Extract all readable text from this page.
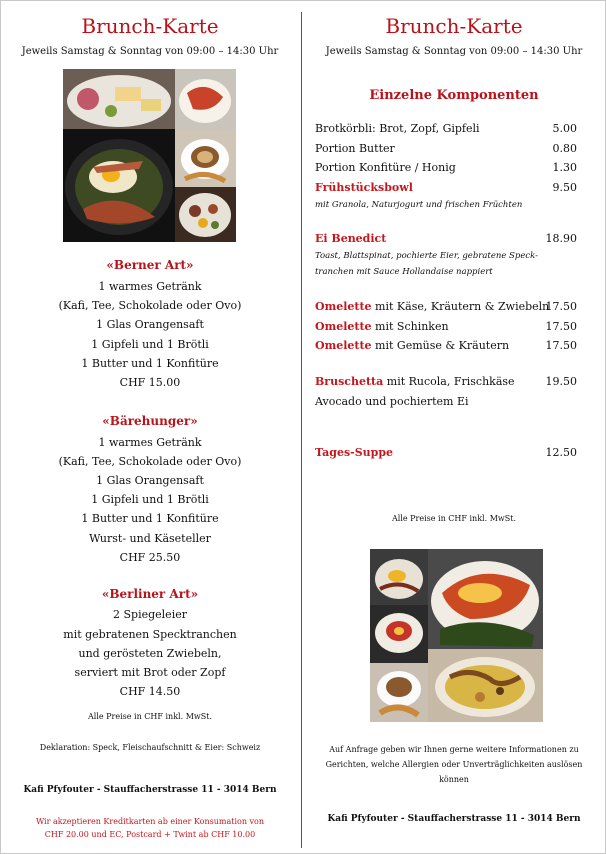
Brunch-Karte
Jeweils Samstag & Sonntag von 09:00 – 14:30 Uhr
«Berner Art»
1 warmes Getränk
(Kafi, Tee, Schokolade oder Ovo)
1 Glas Orangensaft
1 Gipfeli und 1 Brötli
1 Butter und 1 Konfitüre
CHF 15.00
«Bärehunger»
1 warmes Getränk
(Kafi, Tee, Schokolade oder Ovo)
1 Glas Orangensaft
1 Gipfeli und 1 Brötli
1 Butter und 1 Konfitüre
Wurst- und Käseteller
CHF 25.50
«Berliner Art»
2 Spiegeleier
mit gebratenen Specktranchen
und gerösteten Zwiebeln,
serviert mit Brot oder Zopf
CHF 14.50
Alle Preise in CHF inkl. MwSt.
Deklaration: Speck, Fleischaufschnitt & Eier: Schweiz
Kafi Pfyfouter - Stauffacherstrasse 11 - 3014 Bern
Wir akzeptieren Kreditkarten ab einer Konsumation von
CHF 20.00 und EC, Postcard + Twint ab CHF 10.00
Brunch-Karte
Jeweils Samstag & Sonntag von 09:00 – 14:30 Uhr
Einzelne Komponenten
Brotkörbli: Brot, Zopf, Gipfeli	5.00
Portion Butter	0.80
Portion Konfitüre / Honig	1.30
Frühstücksbowl	9.50
mit Granola, Naturjogurt und frischen Früchten
Ei Benedict	18.90
Toast, Blattspinat, pochierte Eier, gebratene Speck-
tranchen mit Sauce Hollandaise nappiert
Omelette mit Käse, Kräutern & Zwiebeln
17.50
Omelette mit Schinken	17.50
Omelette mit Gemüse & Kräutern	17.50
Bruschetta mit Rucola, Frischkäse	19.50
Avocado und pochiertem Ei
Tages-Suppe	12.50
Alle Preise in CHF inkl. MwSt.
Auf Anfrage geben wir Ihnen gerne weitere Informationen zu
Gerichten, welche Allergien oder Unverträglichkeiten auslösen
können
Kafi Pfyfouter - Stauffacherstrasse 11 - 3014 Bern
